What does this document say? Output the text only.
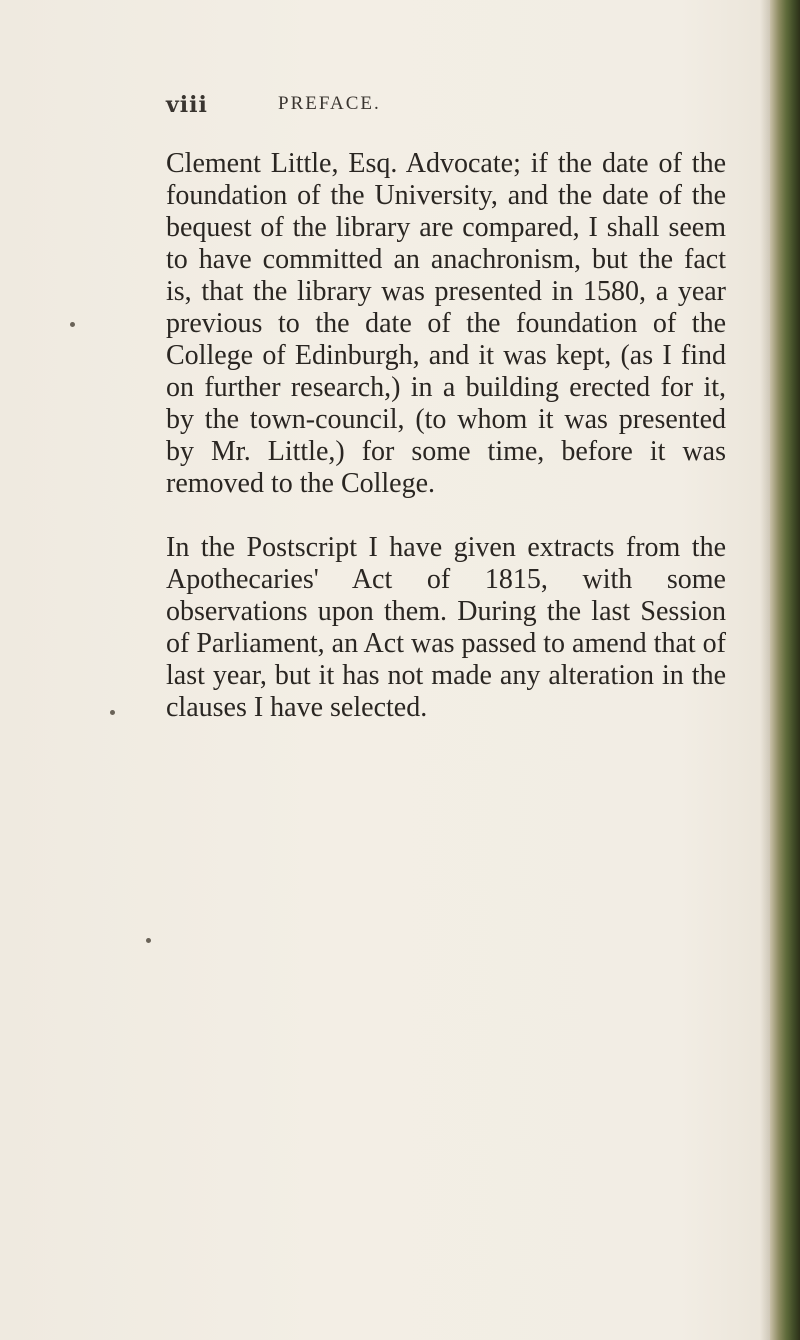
viii	PREFACE.

Clement Little, Esq. Advocate; if the date of the foundation of the University, and the date of the bequest of the library are compared, I shall seem to have committed an anachronism, but the fact is, that the library was presented in 1580, a year previous to the date of the foundation of the College of Edinburgh, and it was kept, (as I find on further research,) in a building erected for it, by the town-council, (to whom it was presented by Mr. Little,) for some time, before it was removed to the College.

In the Postscript I have given extracts from the Apothecaries' Act of 1815, with some observations upon them. During the last Session of Parliament, an Act was passed to amend that of last year, but it has not made any alteration in the clauses I have selected.
